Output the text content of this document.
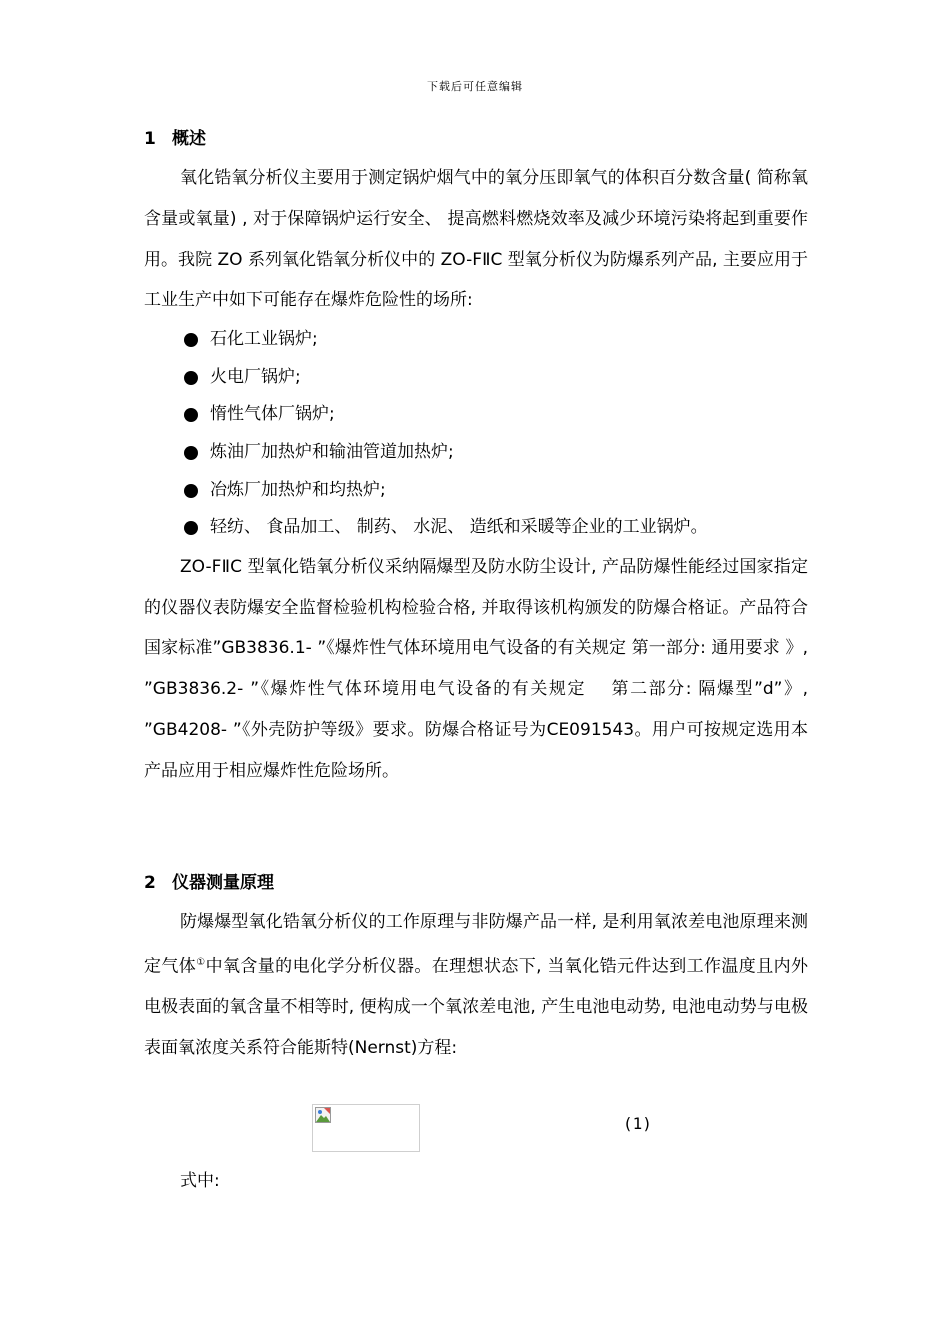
下载后可任意编辑
1 概述

氧化锆氧分析仪主要用于测定锅炉烟气中的氧分压即氧气的体积百分数含量( 简称氧含量或氧量) , 对于保障锅炉运行安全、 提高燃料燃烧效率及减少环境污染将起到重要作用。我院 ZO 系列氧化锆氧分析仪中的 ZO-FⅡC 型氧分析仪为防爆系列产品, 主要应用于工业生产中如下可能存在爆炸危险性的场所:

石化工业锅炉;
火电厂锅炉;
惰性气体厂锅炉;
炼油厂加热炉和输油管道加热炉;
冶炼厂加热炉和均热炉;
轻纺、 食品加工、 制药、 水泥、 造纸和采暖等企业的工业锅炉。

ZO-FⅡC 型氧化锆氧分析仪采纳隔爆型及防水防尘设计, 产品防爆性能经过国家指定的仪器仪表防爆安全监督检验机构检验合格, 并取得该机构颁发的防爆合格证。产品符合国家标准”GB3836.1- ”《爆炸性气体环境用电气设备的有关规定 第一部分: 通用要求 》, ”GB3836.2- ”《爆炸性气体环境用电气设备的有关规定　 第二部分: 隔爆型”d”》, ”GB4208- ”《外壳防护等级》要求。防爆合格证号为CE091543。用户可按规定选用本产品应用于相应爆炸性危险场所。

2 仪器测量原理

防爆爆型氧化锆氧分析仪的工作原理与非防爆产品一样, 是利用氧浓差电池原理来测定气体①中氧含量的电化学分析仪器。在理想状态下, 当氧化锆元件达到工作温度且内外电极表面的氧含量不相等时, 便构成一个氧浓差电池, 产生电池电动势, 电池电动势与电极表面氧浓度关系符合能斯特(Nernst)方程:

(1)
式中:
